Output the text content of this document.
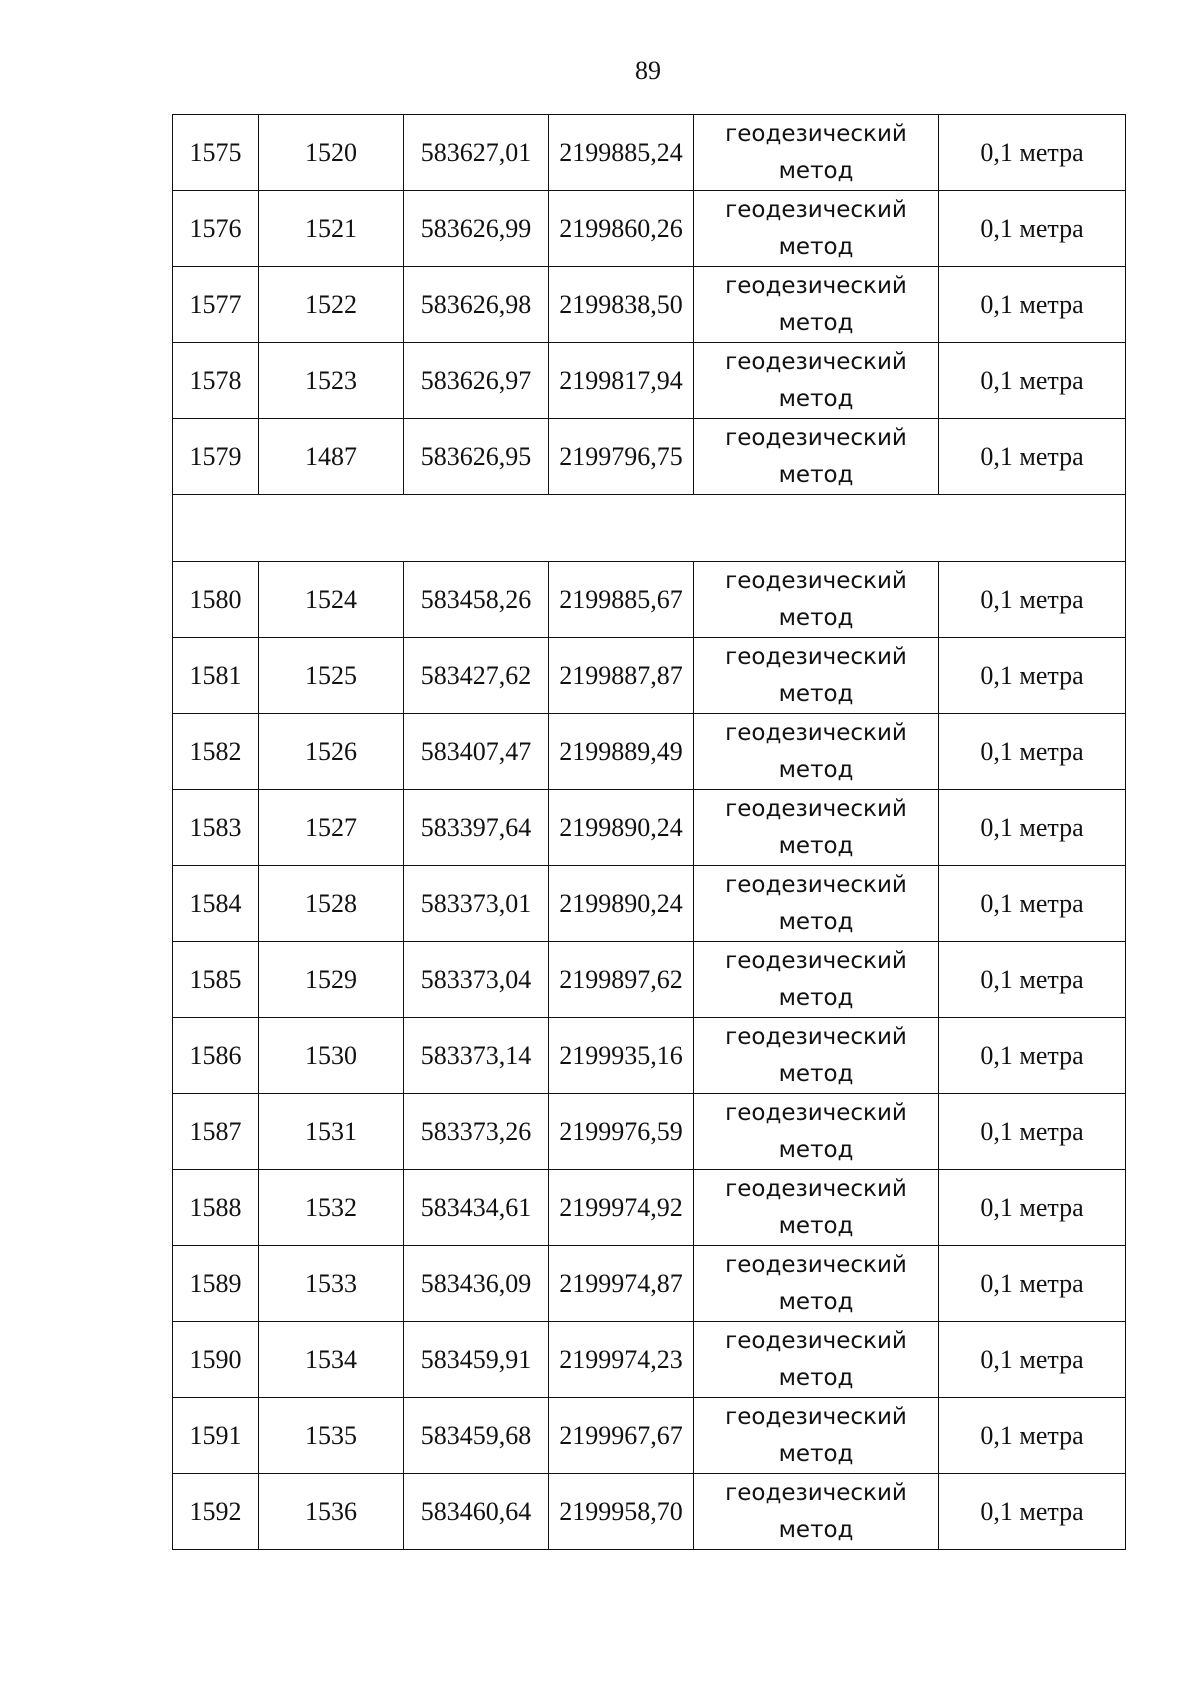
89
1575	1520	583627,01	2199885,24	геодезический метод	0,1 метра
1576	1521	583626,99	2199860,26	геодезический метод	0,1 метра
1577	1522	583626,98	2199838,50	геодезический метод	0,1 метра
1578	1523	583626,97	2199817,94	геодезический метод	0,1 метра
1579	1487	583626,95	2199796,75	геодезический метод	0,1 метра

1580	1524	583458,26	2199885,67	геодезический метод	0,1 метра
1581	1525	583427,62	2199887,87	геодезический метод	0,1 метра
1582	1526	583407,47	2199889,49	геодезический метод	0,1 метра
1583	1527	583397,64	2199890,24	геодезический метод	0,1 метра
1584	1528	583373,01	2199890,24	геодезический метод	0,1 метра
1585	1529	583373,04	2199897,62	геодезический метод	0,1 метра
1586	1530	583373,14	2199935,16	геодезический метод	0,1 метра
1587	1531	583373,26	2199976,59	геодезический метод	0,1 метра
1588	1532	583434,61	2199974,92	геодезический метод	0,1 метра
1589	1533	583436,09	2199974,87	геодезический метод	0,1 метра
1590	1534	583459,91	2199974,23	геодезический метод	0,1 метра
1591	1535	583459,68	2199967,67	геодезический метод	0,1 метра
1592	1536	583460,64	2199958,70	геодезический метод	0,1 метра
